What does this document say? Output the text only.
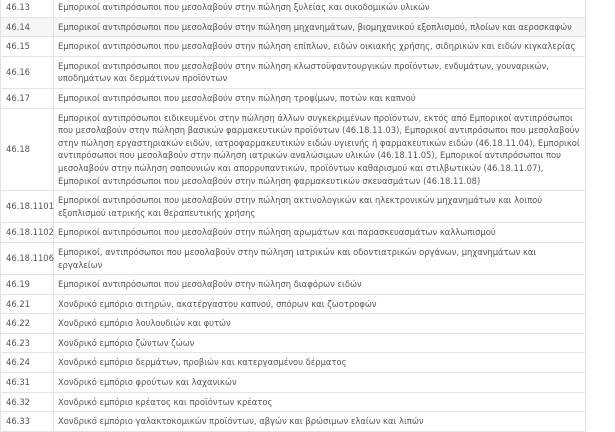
46.13	Εμπορικοί αντιπρόσωποι που μεσολαβούν στην πώληση ξυλείας και οικοδομικών υλικών
46.14	Εμπορικοί αντιπρόσωποι που μεσολαβούν στην πώληση μηχανημάτων, βιομηχανικού εξοπλισμού, πλοίων και αεροσκαφών
46.15	Εμπορικοί αντιπρόσωποι που μεσολαβούν στην πώληση επίπλων, ειδών οικιακής χρήσης, σιδηρικών και ειδών κιγκαλερίας
46.16	Εμπορικοί αντιπρόσωποι που μεσολαβούν στην πώληση κλωστοϋφαντουργικών προϊόντων, ενδυμάτων, γουναρικών, υποδημάτων και δερμάτινων προϊόντων
46.17	Εμπορικοί αντιπρόσωποι που μεσολαβούν στην πώληση τροφίμων, ποτών και καπνού
46.18	Εμπορικοί αντιπρόσωποι ειδικευμένοι στην πώληση άλλων συγκεκριμένων προϊόντων, εκτός από Εμπορικοί αντιπρόσωποι που μεσολαβούν στην πώληση βασικών φαρμακευτικών προϊόντων (46.18.11.03), Εμπορικοί αντιπρόσωποι που μεσολαβούν στην πώληση εργαστηριακών ειδών, ιατροφαρμακευτικών ειδών υγιεινής ή φαρμακευτικών ειδών (46.18.11.04), Εμπορικοί αντιπρόσωποι που μεσολαβούν στην πώληση ιατρικών αναλώσιμων υλικών (46.18.11.05), Εμπορικοί αντιπρόσωποι που μεσολαβούν στην πώληση σαπουνιών και απορρυπαντικών, προϊόντων καθαρισμού και στιλβωτικών (46.18.11.07), Εμπορικοί αντιπρόσωποι που μεσολαβούν στην πώληση φαρμακευτικών σκευασμάτων (46.18.11.08)
46.18.1101	Εμπορικοί αντιπρόσωποι που μεσολαβούν στην πώληση ακτινολογικών και ηλεκτρονικών μηχανημάτων και λοιπού εξοπλισμού ιατρικής και θεραπευτικής χρήσης
46.18.1102	Εμπορικοί αντιπρόσωποι που μεσολαβούν στην πώληση αρωμάτων και παρασκευασμάτων καλλωπισμού
46.18.1106	Εμπορικοί, αντιπρόσωποι που μεσολαβούν στην πώληση ιατρικών και οδοντιατρικών οργάνων, μηχανημάτων και εργαλείων
46.19	Εμπορικοί αντιπρόσωποι που μεσολαβούν στην πώληση διαφόρων ειδών
46.21	Χονδρικό εμπόριο σιτηρών, ακατέργαστου καπνού, σπόρων και ζωοτροφών
46.22	Χονδρικό εμπόριο λουλουδιών και φυτών
46.23	Χονδρικό εμπόριο ζώντων ζώων
46.24	Χονδρικό εμπόριο δερμάτων, προβιών και κατεργασμένου δέρματος
46.31	Χονδρικό εμπόριο φρούτων και λαχανικών
46.32	Χονδρικό εμπόριο κρέατος και προϊόντων κρέατος
46.33	Χονδρικό εμπόριο γαλακτοκομικών προϊόντων, αβγών και βρώσιμων ελαίων και λιπών
